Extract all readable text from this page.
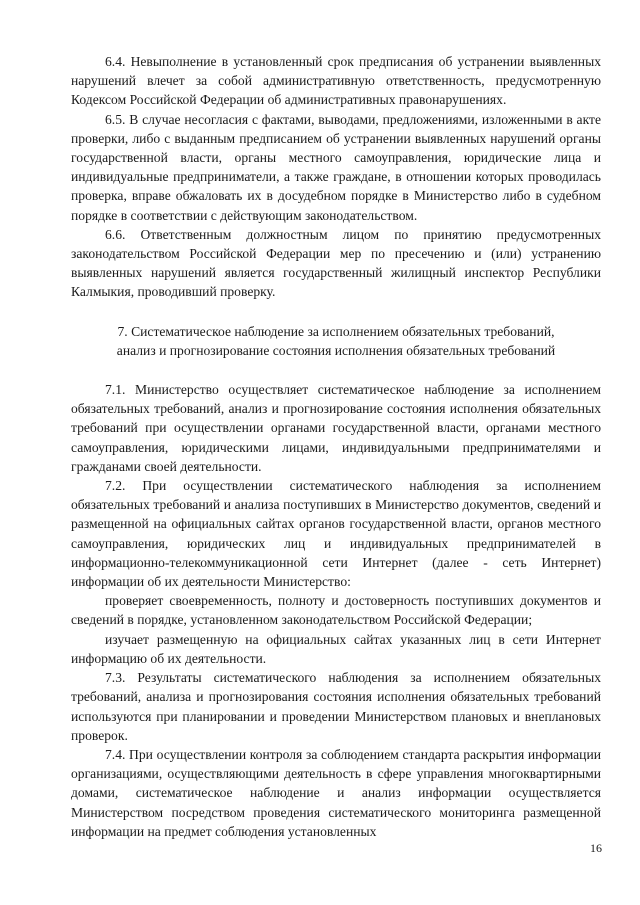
6.4. Невыполнение в установленный срок предписания об устранении выявленных нарушений влечет за собой административную ответственность, предусмотренную Кодексом Российской Федерации об административных правонарушениях.

6.5. В случае несогласия с фактами, выводами, предложениями, изложенными в акте проверки, либо с выданным предписанием об устранении выявленных нарушений органы государственной власти, органы местного самоуправления, юридические лица и индивидуальные предприниматели, а также граждане, в отношении которых проводилась проверка, вправе обжаловать их в досудебном порядке в Министерство либо в судебном порядке в соответствии с действующим законодательством.

6.6. Ответственным должностным лицом по принятию предусмотренных законодательством Российской Федерации мер по пресечению и (или) устранению выявленных нарушений является государственный жилищный инспектор Республики Калмыкия, проводивший проверку.

7. Систематическое наблюдение за исполнением обязательных требований,
анализ и прогнозирование состояния исполнения обязательных требований

7.1. Министерство осуществляет систематическое наблюдение за исполнением обязательных требований, анализ и прогнозирование состояния исполнения обязательных требований при осуществлении органами государственной власти, органами местного самоуправления, юридическими лицами, индивидуальными предпринимателями и гражданами своей деятельности.

7.2. При осуществлении систематического наблюдения за исполнением обязательных требований и анализа поступивших в Министерство документов, сведений и размещенной на официальных сайтах органов государственной власти, органов местного самоуправления, юридических лиц и индивидуальных предпринимателей в информационно-телекоммуникационной сети Интернет (далее - сеть Интернет) информации об их деятельности Министерство:

проверяет своевременность, полноту и достоверность поступивших документов и сведений в порядке, установленном законодательством Российской Федерации;

изучает размещенную на официальных сайтах указанных лиц в сети Интернет информацию об их деятельности.

7.3. Результаты систематического наблюдения за исполнением обязательных требований, анализа и прогнозирования состояния исполнения обязательных требований используются при планировании и проведении Министерством плановых и внеплановых проверок.

7.4. При осуществлении контроля за соблюдением стандарта раскрытия информации организациями, осуществляющими деятельность в сфере управления многоквартирными домами, систематическое наблюдение и анализ информации осуществляется Министерством посредством проведения систематического мониторинга размещенной информации на предмет соблюдения установленных

16
